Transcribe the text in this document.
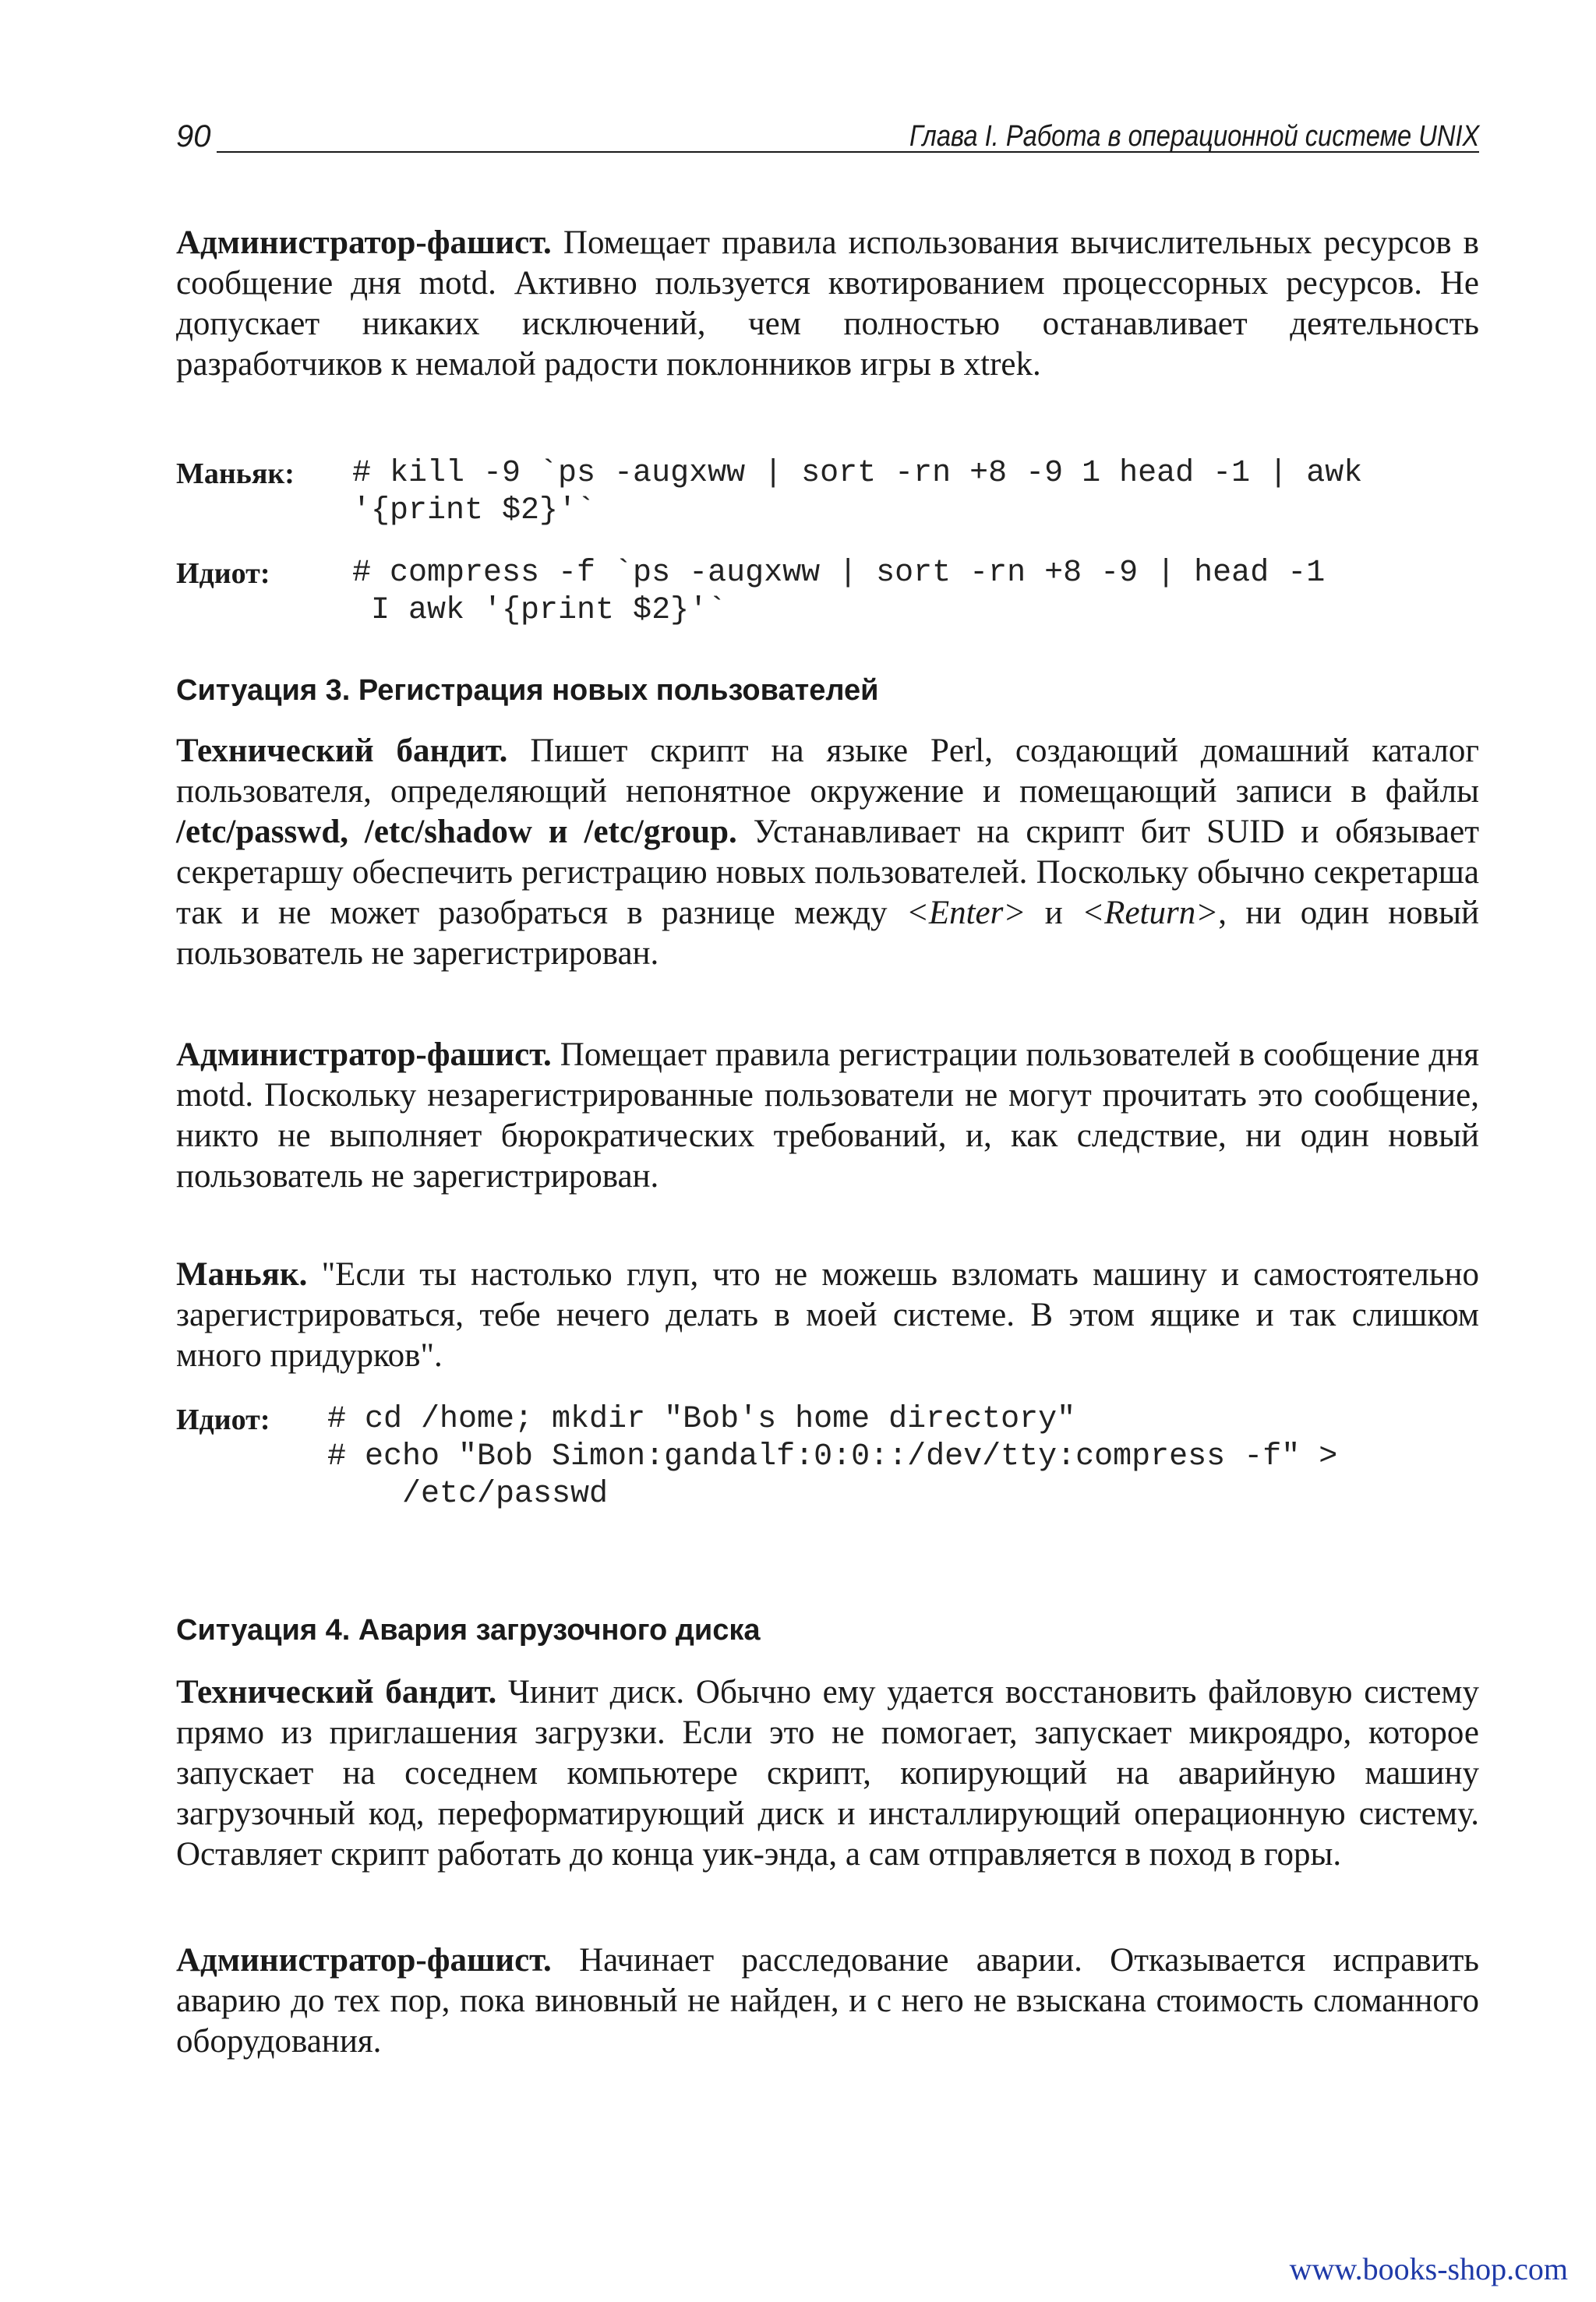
90	Глава I. Работа в операционной системе UNIX

Администратор-фашист. Помещает правила использования вычислительных ресурсов в сообщение дня motd. Активно пользуется квотированием процессорных ресурсов. Не допускает никаких исключений, чем полностью останавливает деятельность разработчиков к немалой радости поклонников игры в xtrek.

Маньяк: # kill -9 `ps -augxww | sort -rn +8 -9 1 head -1 | awk
'{print $2}'`
Идиот:	# compress -f `ps -augxww | sort -rn +8 -9 | head -1
I awk '{print $2}'`
Ситуация 3. Регистрация новых пользователей

Технический бандит. Пишет скрипт на языке Perl, создающий домашний каталог пользователя, определяющий непонятное окружение и помещающий записи в файлы /etc/passwd, /etc/shadow и /etc/group. Устанавливает на скрипт бит SUID и обязывает секретаршу обеспечить регистрацию новых пользователей. Поскольку обычно секретарша так и не может разобраться в разнице между <Enter> и <Return>, ни один новый пользователь не зарегистрирован.

Администратор-фашист. Помещает правила регистрации пользователей в сообщение дня motd. Поскольку незарегистрированные пользователи не могут прочитать это сообщение, никто не выполняет бюрократических требований, и, как следствие, ни один новый пользователь не зарегистрирован.

Маньяк. "Если ты настолько глуп, что не можешь взломать машину и самостоятельно зарегистрироваться, тебе нечего делать в моей системе. В этом ящике и так слишком много придурков".

Идиот: # cd /home; mkdir "Bob's home directory"
# echo "Bob Simon:gandalf:0:0::/dev/tty:compress -f" >
/etc/passwd
Ситуация 4. Авария загрузочного диска

Технический бандит. Чинит диск. Обычно ему удается восстановить файловую систему прямо из приглашения загрузки. Если это не помогает, запускает микроядро, которое запускает на соседнем компьютере скрипт, копирующий на аварийную машину загрузочный код, переформатирующий диск и инсталлирующий операционную систему. Оставляет скрипт работать до конца уик-энда, а сам отправляется в поход в горы.

Администратор-фашист. Начинает расследование аварии. Отказывается исправить аварию до тех пор, пока виновный не найден, и с него не взыскана стоимость сломанного оборудования.

www.books-shop.com
